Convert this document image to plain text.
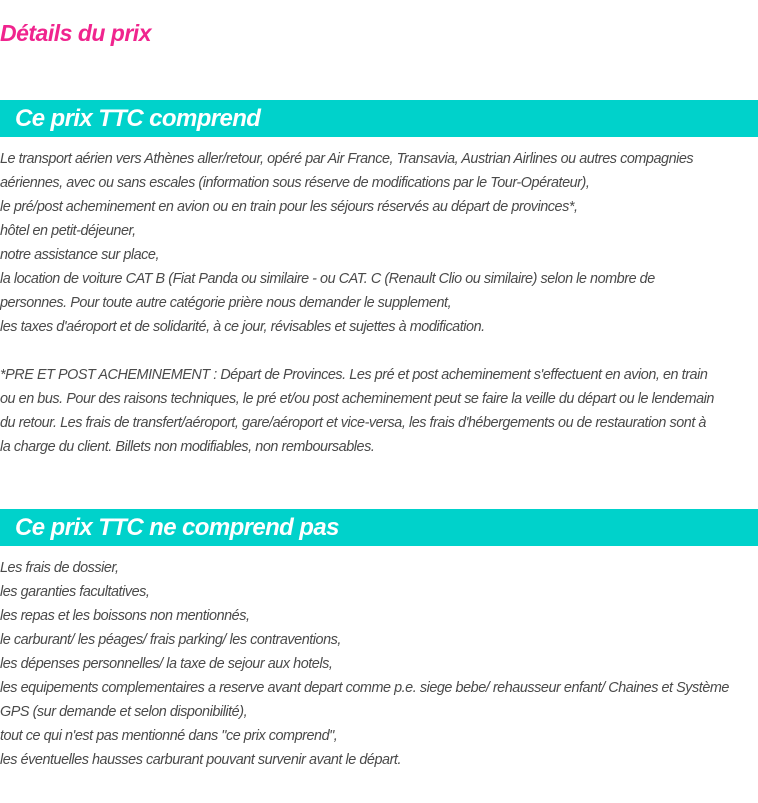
Détails du prix
Ce prix TTC comprend
Le transport aérien vers Athènes aller/retour, opéré par Air France, Transavia, Austrian Airlines ou autres compagnies
aériennes, avec ou sans escales (information sous réserve de modifications par le Tour-Opérateur),
le pré/post acheminement en avion ou en train pour les séjours réservés au départ de provinces*,
hôtel en petit-déjeuner,
notre assistance sur place,
la location de voiture CAT B (Fiat Panda ou similaire - ou CAT. C (Renault Clio ou similaire) selon le nombre de
personnes. Pour toute autre catégorie prière nous demander le supplement,
les taxes d'aéroport et de solidarité, à ce jour, révisables et sujettes à modification.
*PRE ET POST ACHEMINEMENT : Départ de Provinces. Les pré et post acheminement s'effectuent en avion, en train
ou en bus. Pour des raisons techniques, le pré et/ou post acheminement peut se faire la veille du départ ou le lendemain
du retour. Les frais de transfert/aéroport, gare/aéroport et vice-versa, les frais d'hébergements ou de restauration sont à
la charge du client. Billets non modifiables, non remboursables.
Ce prix TTC ne comprend pas
Les frais de dossier,
les garanties facultatives,
les repas et les boissons non mentionnés,
le carburant/ les péages/ frais parking/ les contraventions,
les dépenses personnelles/ la taxe de sejour aux hotels,
les equipements complementaires a reserve avant depart comme p.e. siege bebe/ rehausseur enfant/ Chaines et Système
GPS (sur demande et selon disponibilité),
tout ce qui n'est pas mentionné dans "ce prix comprend",
les éventuelles hausses carburant pouvant survenir avant le départ.
